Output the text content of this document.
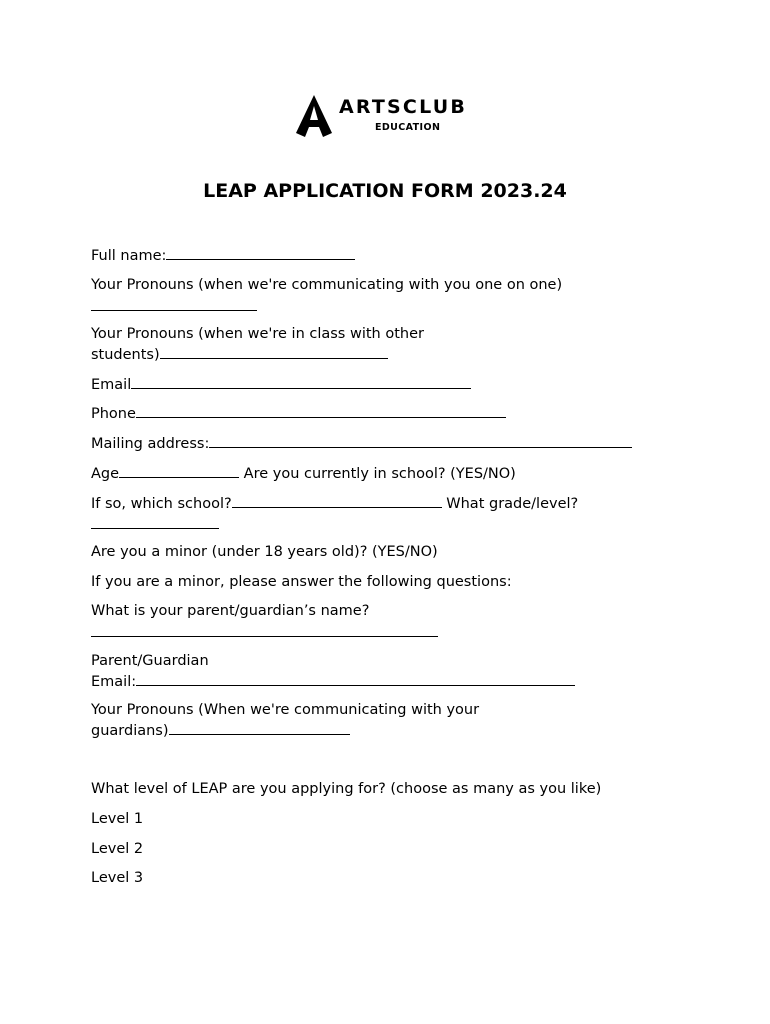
ARTSCLUB
EDUCATION
LEAP APPLICATION FORM 2023.24
Full name:
Your Pronouns (when we're communicating with you one on one)
Your Pronouns (when we're in class with other
students)
Email
Phone
Mailing address:
Age	Are you currently in school? (YES/NO)
If so, which school?	What grade/level?
Are you a minor (under 18 years old)? (YES/NO)
If you are a minor, please answer the following questions:
What is your parent/guardian’s name?
Parent/Guardian
Email:
Your Pronouns (When we're communicating with your
guardians)
What level of LEAP are you applying for? (choose as many as you like)
Level 1
Level 2
Level 3
